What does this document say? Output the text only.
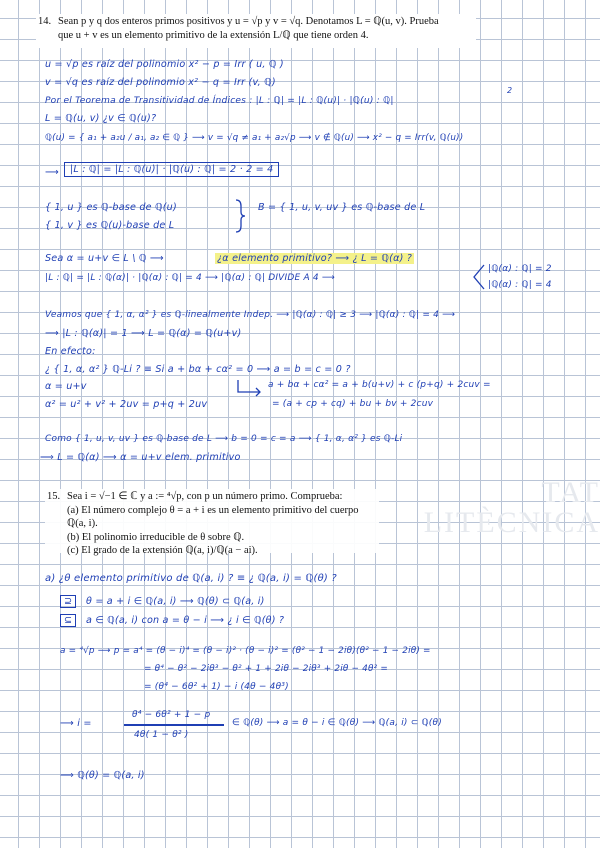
14. Sean p y q dos enteros primos positivos y u = √p y v = √q. Denotamos L = ℚ(u, v). Prueba
que u + v es un elemento primitivo de la extensión L/ℚ que tiene orden 4.
u = √p es raíz del polinomio x² − p = Irr ( u, ℚ )
v = √q es raíz del polinomio x² − q = Irr (v, ℚ)
2
Por el Teorema de Transitividad de Índices : |L : ℚ| = |L : ℚ(u)| · |ℚ(u) : ℚ|
L = ℚ(u, v) ¿v ∈ ℚ(u)?
ℚ(u) = { a₁ + a₂u / a₁, a₂ ∈ ℚ } ⟶ v = √q ≠ a₁ + a₂√p ⟶ v ∉ ℚ(u) ⟶ x² − q = Irr(v, ℚ(u))
⟶	|L : ℚ| = |L : ℚ(u)| · |ℚ(u) : ℚ| = 2 · 2 = 4
{ 1, u } es ℚ-base de ℚ(u)
{ 1, v } es ℚ(u)-base de L
B = { 1, u, v, uv } es ℚ-base de L
Sea α = u+v ∈ L \ ℚ ⟶	¿α elemento primitivo? ⟶ ¿ L = ℚ(α) ?
|L : ℚ| = |L : ℚ(α)| · |ℚ(α) : ℚ| = 4 ⟶ |ℚ(α) : ℚ| DIVIDE A 4 ⟶
|ℚ(α) : ℚ| = 2
|ℚ(α) : ℚ| = 4
Veamos que { 1, α, α² } es ℚ-linealmente Indep. ⟶ |ℚ(α) : ℚ| ≥ 3 ⟶ |ℚ(α) : ℚ| = 4 ⟶
⟶ |L : ℚ(α)| = 1 ⟶ L = ℚ(α) = ℚ(u+v)
En efecto:
¿ { 1, α, α² } ℚ-Li ? ≡ Si a + bα + cα² = 0 ⟶ a = b = c = 0 ?
α = u+v
α² = u² + v² + 2uv = p+q + 2uv
a + bα + cα² = a + b(u+v) + c (p+q) + 2cuv =
= (a + cp + cq) + bu + bv + 2cuv
Como { 1, u, v, uv } es ℚ-base de L ⟶ b = 0 = c = a ⟶ { 1, α, α² } es ℚ-Li
⟹ L = ℚ(α) ⟶ α = u+v elem. primitivo
TAT
LITÈCNICA
15. Sea i = √−1 ∈ ℂ y a := ⁴√p, con p un número primo. Comprueba:
(a) El número complejo θ = a + i es un elemento primitivo del cuerpo ℚ(a, i).
(b) El polinomio irreducible de θ sobre ℚ.
(c) El grado de la extensión ℚ(a, i)/ℚ(a − ai).
a) ¿θ elemento primitivo de ℚ(a, i) ? ≡ ¿ ℚ(a, i) = ℚ(θ) ?
⊇	θ = a + i ∈ ℚ(a, i) ⟶ ℚ(θ) ⊂ ℚ(a, i)
⊆	a ∈ ℚ(a, i) con a = θ − i ⟶ ¿ i ∈ ℚ(θ) ?
a = ⁴√p ⟶ p = a⁴ = (θ − i)⁴ = (θ − i)² · (θ − i)² = (θ² − 1 − 2iθ)(θ² − 1 − 2iθ) =
= θ⁴ − θ² − 2iθ³ − θ² + 1 + 2iθ − 2iθ³ + 2iθ − 4θ² =
= (θ⁴ − 6θ² + 1) − i (4θ − 4θ³)
⟶ i =
θ⁴ − 6θ² + 1 − p
4θ( 1 − θ² )
∈ ℚ(θ) ⟶ a = θ − i ∈ ℚ(θ) ⟶ ℚ(a, i) ⊂ ℚ(θ)
⟹ ℚ(θ) = ℚ(a, i)
